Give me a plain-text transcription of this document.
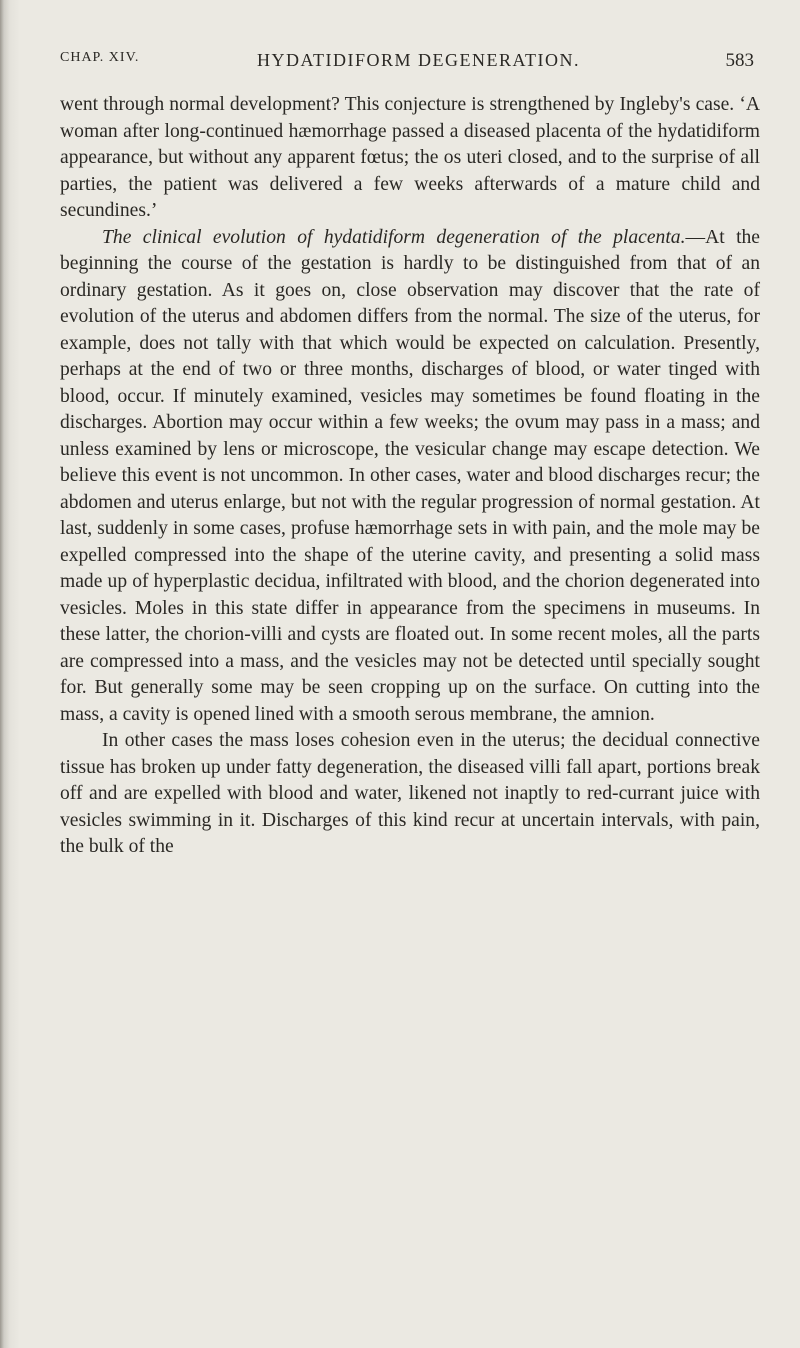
CHAP. XIV.	HYDATIDIFORM DEGENERATION.	583

went through normal development? This conjecture is strengthened by Ingleby's case. ‘A woman after long-continued hæmorrhage passed a diseased placenta of the hydatidiform appearance, but without any apparent fœtus; the os uteri closed, and to the surprise of all parties, the patient was delivered a few weeks afterwards of a mature child and secundines.’

The clinical evolution of hydatidiform degeneration of the placenta.—At the beginning the course of the gestation is hardly to be distinguished from that of an ordinary gestation. As it goes on, close observation may discover that the rate of evolution of the uterus and abdomen differs from the normal. The size of the uterus, for example, does not tally with that which would be expected on calculation. Presently, perhaps at the end of two or three months, discharges of blood, or water tinged with blood, occur. If minutely examined, vesicles may sometimes be found floating in the discharges. Abortion may occur within a few weeks; the ovum may pass in a mass; and unless examined by lens or microscope, the vesicular change may escape detection. We believe this event is not uncommon. In other cases, water and blood discharges recur; the abdomen and uterus enlarge, but not with the regular progression of normal gestation. At last, suddenly in some cases, profuse hæmorrhage sets in with pain, and the mole may be expelled compressed into the shape of the uterine cavity, and presenting a solid mass made up of hyperplastic decidua, infiltrated with blood, and the chorion degenerated into vesicles. Moles in this state differ in appearance from the specimens in museums. In these latter, the chorion-villi and cysts are floated out. In some recent moles, all the parts are compressed into a mass, and the vesicles may not be detected until specially sought for. But generally some may be seen cropping up on the surface. On cutting into the mass, a cavity is opened lined with a smooth serous membrane, the amnion.

In other cases the mass loses cohesion even in the uterus; the decidual connective tissue has broken up under fatty degeneration, the diseased villi fall apart, portions break off and are expelled with blood and water, likened not inaptly to red-currant juice with vesicles swimming in it. Discharges of this kind recur at uncertain intervals, with pain, the bulk of the
